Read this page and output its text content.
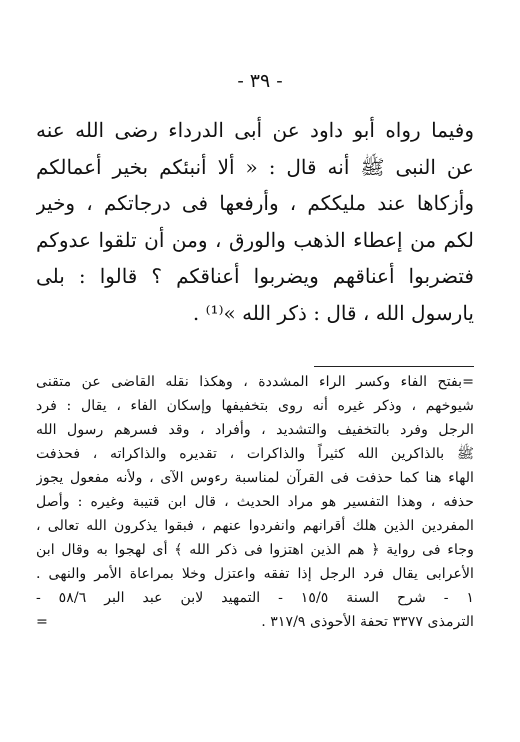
- ٣٩ -
وفيما رواه أبو داود عن أبى الدرداء رضى الله عنه
عن النبى ﷺ أنه قال : « ألا أنبئكم بخير أعمالكم
وأزكاها عند مليككم ، وأرفعها فى درجاتكم ، وخير
لكم من إعطاء الذهب والورق ، ومن أن تلقوا عدوكم
فتضربوا أعناقهم ويضربوا أعناقكم ؟ قالوا : بلى
يارسول الله ، قال : ذكر الله »⁽¹⁾ .
=بفتح الفاء وكسر الراء المشددة ، وهكذا نقله القاضى عن متقنى
شيوخهم ، وذكر غيره أنه روى بتخفيفها وإسكان الفاء ، يقال : فرد
الرجل وفرد بالتخفيف والتشديد ، وأفراد ، وقد فسرهم رسول الله
ﷺ بالذاكرين الله كثيراً والذاكرات ، تقديره والذاكراته ، فحذفت
الهاء هنا كما حذفت فى القرآن لمناسبة رءوس الآى ، ولأنه مفعول يجوز
حذفه ، وهذا التفسير هو مراد الحديث ، قال ابن قتيبة وغيره : وأصل
المفردين الذين هلك أقرانهم وانفردوا عنهم ، فبقوا يذكرون الله تعالى ،
وجاء فى رواية ﴿ هم الذين اهتزوا فى ذكر الله ﴾ أى لهجوا به وقال ابن
الأعرابى يقال فرد الرجل إذا تفقه واعتزل وخلا بمراعاة الأمر والنهى .
١ - شرح السنة ١٥/٥ - التمهيد لابن عبد البر ٥٨/٦ -
الترمذى ٣٣٧٧ تحفة الأحوذى ٣١٧/٩ .
=
